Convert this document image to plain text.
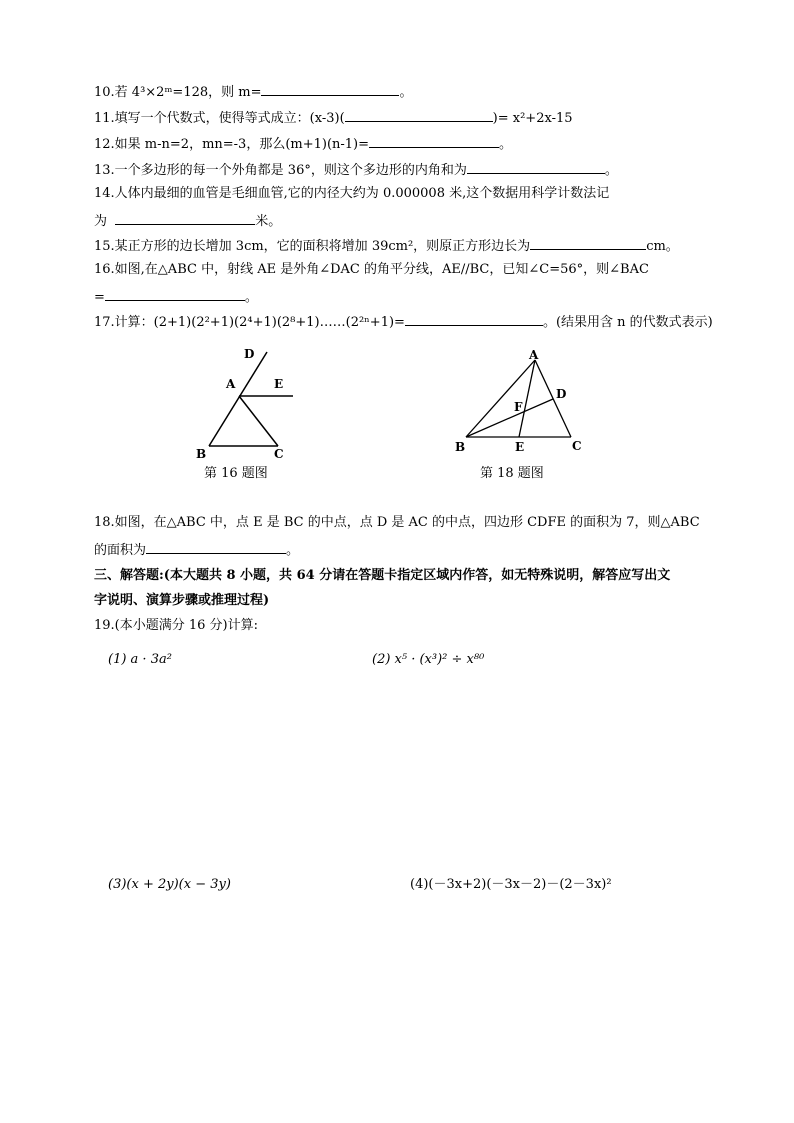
10.若 4³×2ᵐ=128，则 m=	。
11.填写一个代数式，使得等式成立：(x-3)(	)= x²+2x-15
12.如果 m-n=2，mn=-3，那么(m+1)(n-1)=	。
13.一个多边形的每一个外角都是 36°，则这个多边形的内角和为	。
14.人体内最细的血管是毛细血管,它的内径大约为 0.000008 米,这个数据用科学计数法记
为	米。
15.某正方形的边长增加 3cm，它的面积将增加 39cm²，则原正方形边长为	cm。
16.如图,在△ABC 中，射线 AE 是外角∠DAC 的角平分线，AE//BC，已知∠C=56°，则∠BAC
=	。
17.计算：(2+1)(2²+1)(2⁴+1)(2⁸+1)……(2²ⁿ+1)=	。(结果用含 n 的代数式表示)
D
A	E
B	C
第 16 题图
A
D
F
B	E	C
第 18 题图
18.如图，在△ABC 中，点 E 是 BC 的中点，点 D 是 AC 的中点，四边形 CDFE 的面积为 7，则△ABC
的面积为	。
三、解答题:(本大题共 8 小题，共 64 分请在答题卡指定区域内作答，如无特殊说明，解答应写出文
字说明、演算步骤或推理过程)
19.(本小题满分 16 分)计算:
(1) a · 3a²	(2) x⁵ · (x³)² ÷ x⁸⁰
(3)(x + 2y)(x − 3y)	(4)(－3x+2)(－3x－2)－(2－3x)²
